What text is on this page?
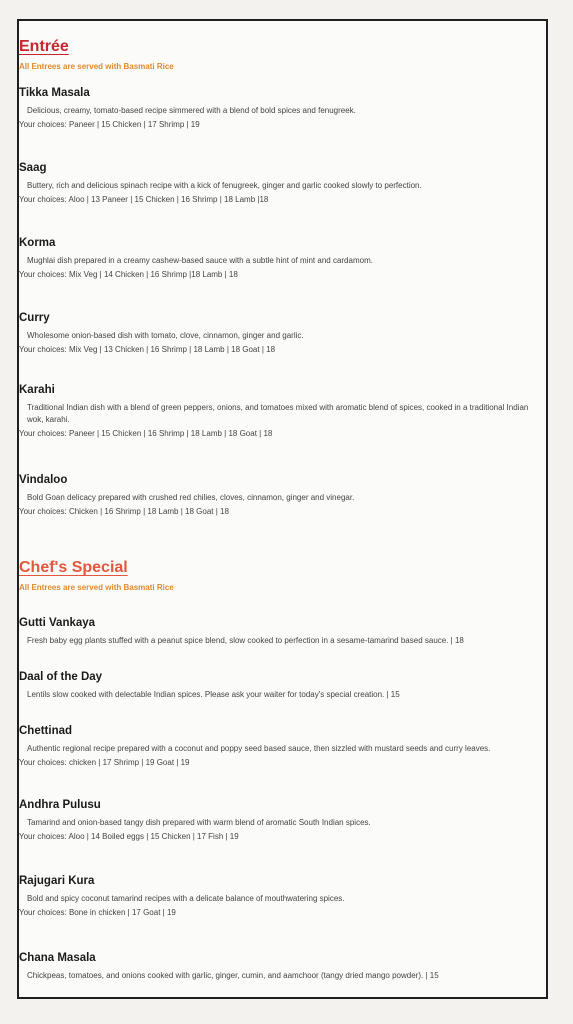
Entrée

All Entrees are served with Basmati Rice

Tikka Masala

Delicious, creamy, tomato-based recipe simmered with a blend of bold spices and fenugreek.

Your choices: Paneer | 15 Chicken | 17 Shrimp | 19

Saag

Buttery, rich and delicious spinach recipe with a kick of fenugreek, ginger and garlic cooked slowly to perfection.

Your choices: Aloo | 13 Paneer | 15 Chicken | 16 Shrimp | 18 Lamb |18

Korma

Mughlai dish prepared in a creamy cashew-based sauce with a subtle hint of mint and cardamom.

Your choices: Mix Veg | 14 Chicken | 16 Shrimp |18 Lamb | 18

Curry

Wholesome onion-based dish with tomato, clove, cinnamon, ginger and garlic.

Your choices: Mix Veg | 13 Chicken | 16 Shrimp | 18 Lamb | 18 Goat | 18

Karahi

Traditional Indian dish with a blend of green peppers, onions, and tomatoes mixed with aromatic blend of spices, cooked in a traditional Indian wok, karahi.

Your choices: Paneer | 15 Chicken | 16 Shrimp | 18 Lamb | 18 Goat | 18

Vindaloo

Bold Goan delicacy prepared with crushed red chilies, cloves, cinnamon, ginger and vinegar.

Your choices: Chicken | 16 Shrimp | 18 Lamb | 18 Goat | 18

Chef's Special

All Entrees are served with Basmati Rice

Gutti Vankaya

Fresh baby egg plants stuffed with a peanut spice blend, slow cooked to perfection in a sesame-tamarind based sauce. | 18

Daal of the Day

Lentils slow cooked with delectable Indian spices. Please ask your waiter for today's special creation. | 15

Chettinad

Authentic regional recipe prepared with a coconut and poppy seed based sauce, then sizzled with mustard seeds and curry leaves.

Your choices: chicken | 17 Shrimp | 19 Goat | 19

Andhra Pulusu

Tamarind and onion-based tangy dish prepared with warm blend of aromatic South Indian spices.

Your choices: Aloo | 14 Boiled eggs | 15 Chicken | 17 Fish | 19

Rajugari Kura

Bold and spicy coconut tamarind recipes with a delicate balance of mouthwatering spices.

Your choices: Bone in chicken | 17 Goat | 19

Chana Masala

Chickpeas, tomatoes, and onions cooked with garlic, ginger, cumin, and aamchoor (tangy dried mango powder). | 15
